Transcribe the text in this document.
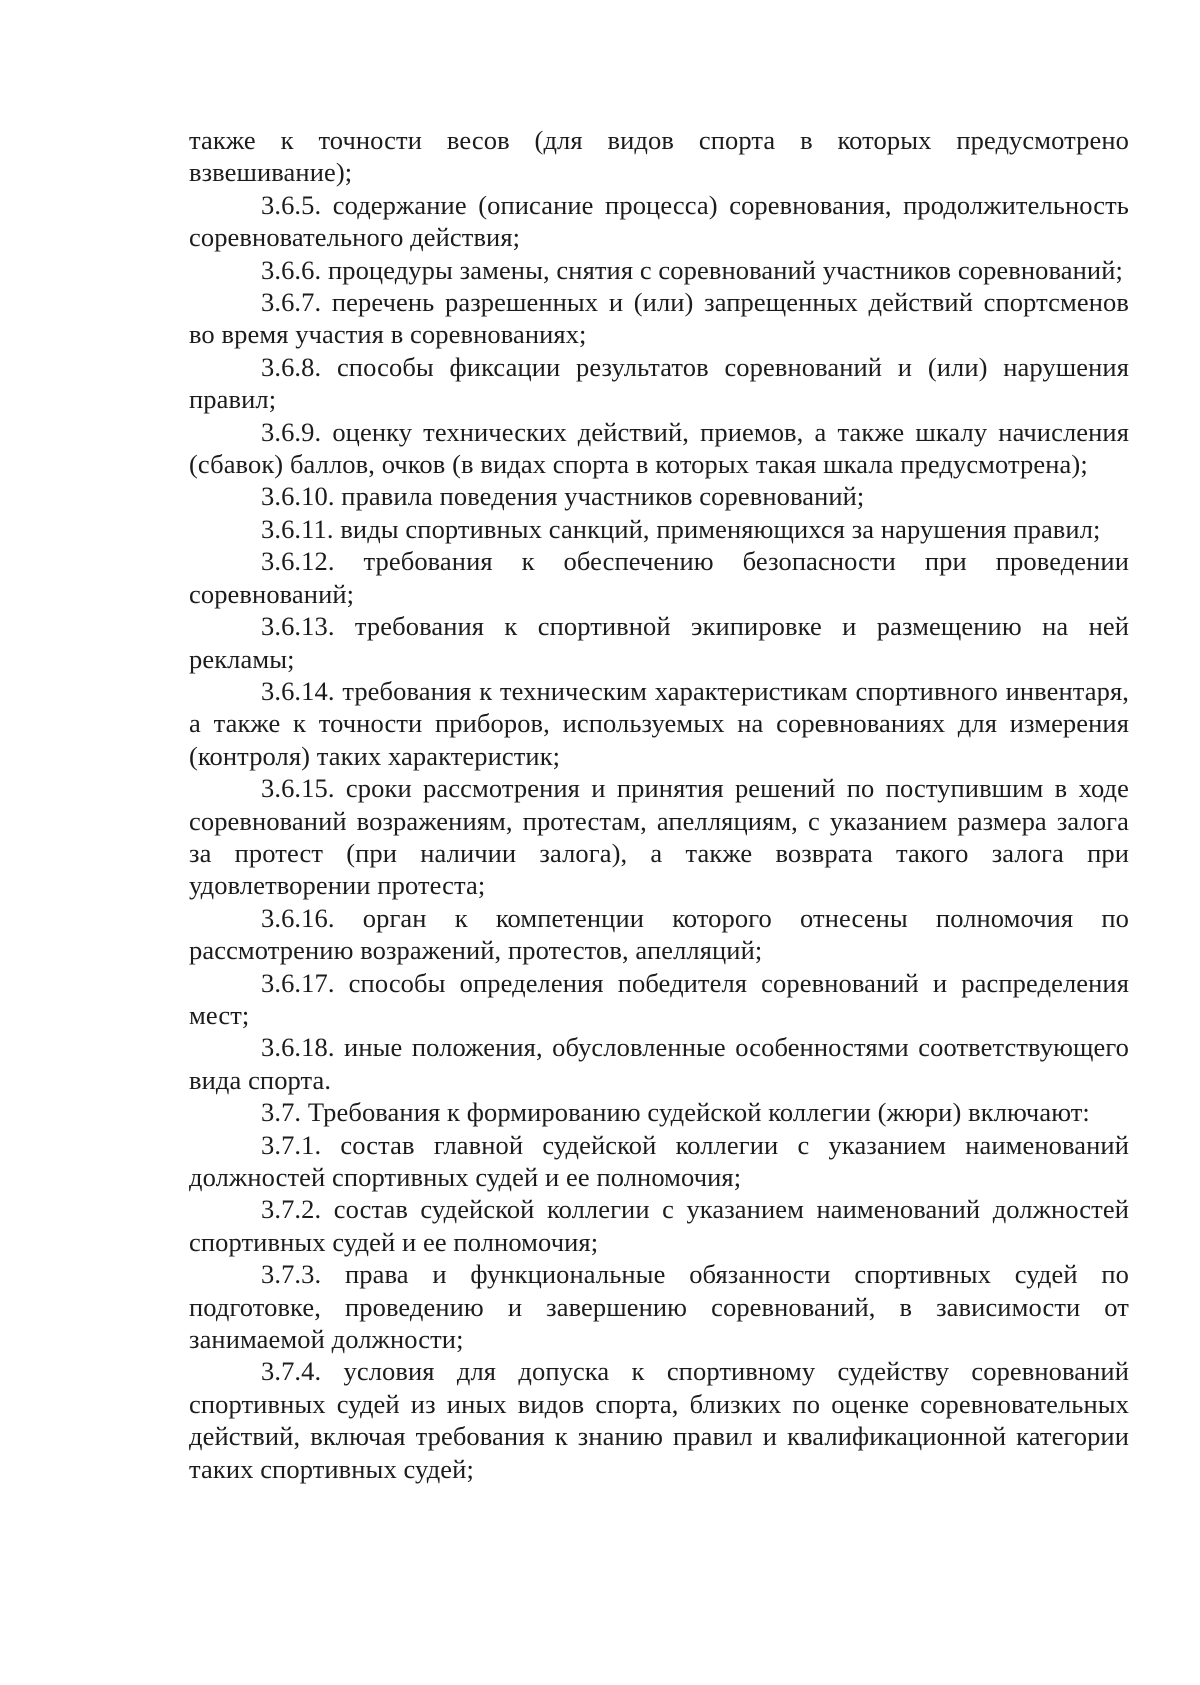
также к точности весов (для видов спорта в которых предусмотрено взвешивание);

3.6.5. содержание (описание процесса) соревнования, продолжительность соревновательного действия;

3.6.6. процедуры замены, снятия с соревнований участников соревнований;

3.6.7. перечень разрешенных и (или) запрещенных действий спортсменов во время участия в соревнованиях;

3.6.8. способы фиксации результатов соревнований и (или) нарушения правил;

3.6.9. оценку технических действий, приемов, а также шкалу начисления (сбавок) баллов, очков (в видах спорта в которых такая шкала предусмотрена);

3.6.10. правила поведения участников соревнований;

3.6.11. виды спортивных санкций, применяющихся за нарушения правил;

3.6.12. требования к обеспечению безопасности при проведении соревнований;

3.6.13. требования к спортивной экипировке и размещению на ней рекламы;

3.6.14. требования к техническим характеристикам спортивного инвентаря, а также к точности приборов, используемых на соревнованиях для измерения (контроля) таких характеристик;

3.6.15. сроки рассмотрения и принятия решений по поступившим в ходе соревнований возражениям, протестам, апелляциям, с указанием размера залога за протест (при наличии залога), а также возврата такого залога при удовлетворении протеста;

3.6.16. орган к компетенции которого отнесены полномочия по рассмотрению возражений, протестов, апелляций;

3.6.17. способы определения победителя соревнований и распределения мест;

3.6.18. иные положения, обусловленные особенностями соответствующего вида спорта.

3.7. Требования к формированию судейской коллегии (жюри) включают:

3.7.1. состав главной судейской коллегии с указанием наименований должностей спортивных судей и ее полномочия;

3.7.2. состав судейской коллегии с указанием наименований должностей спортивных судей и ее полномочия;

3.7.3. права и функциональные обязанности спортивных судей по подготовке, проведению и завершению соревнований, в зависимости от занимаемой должности;

3.7.4. условия для допуска к спортивному судейству соревнований спортивных судей из иных видов спорта, близких по оценке соревновательных действий, включая требования к знанию правил и квалификационной категории таких спортивных судей;
